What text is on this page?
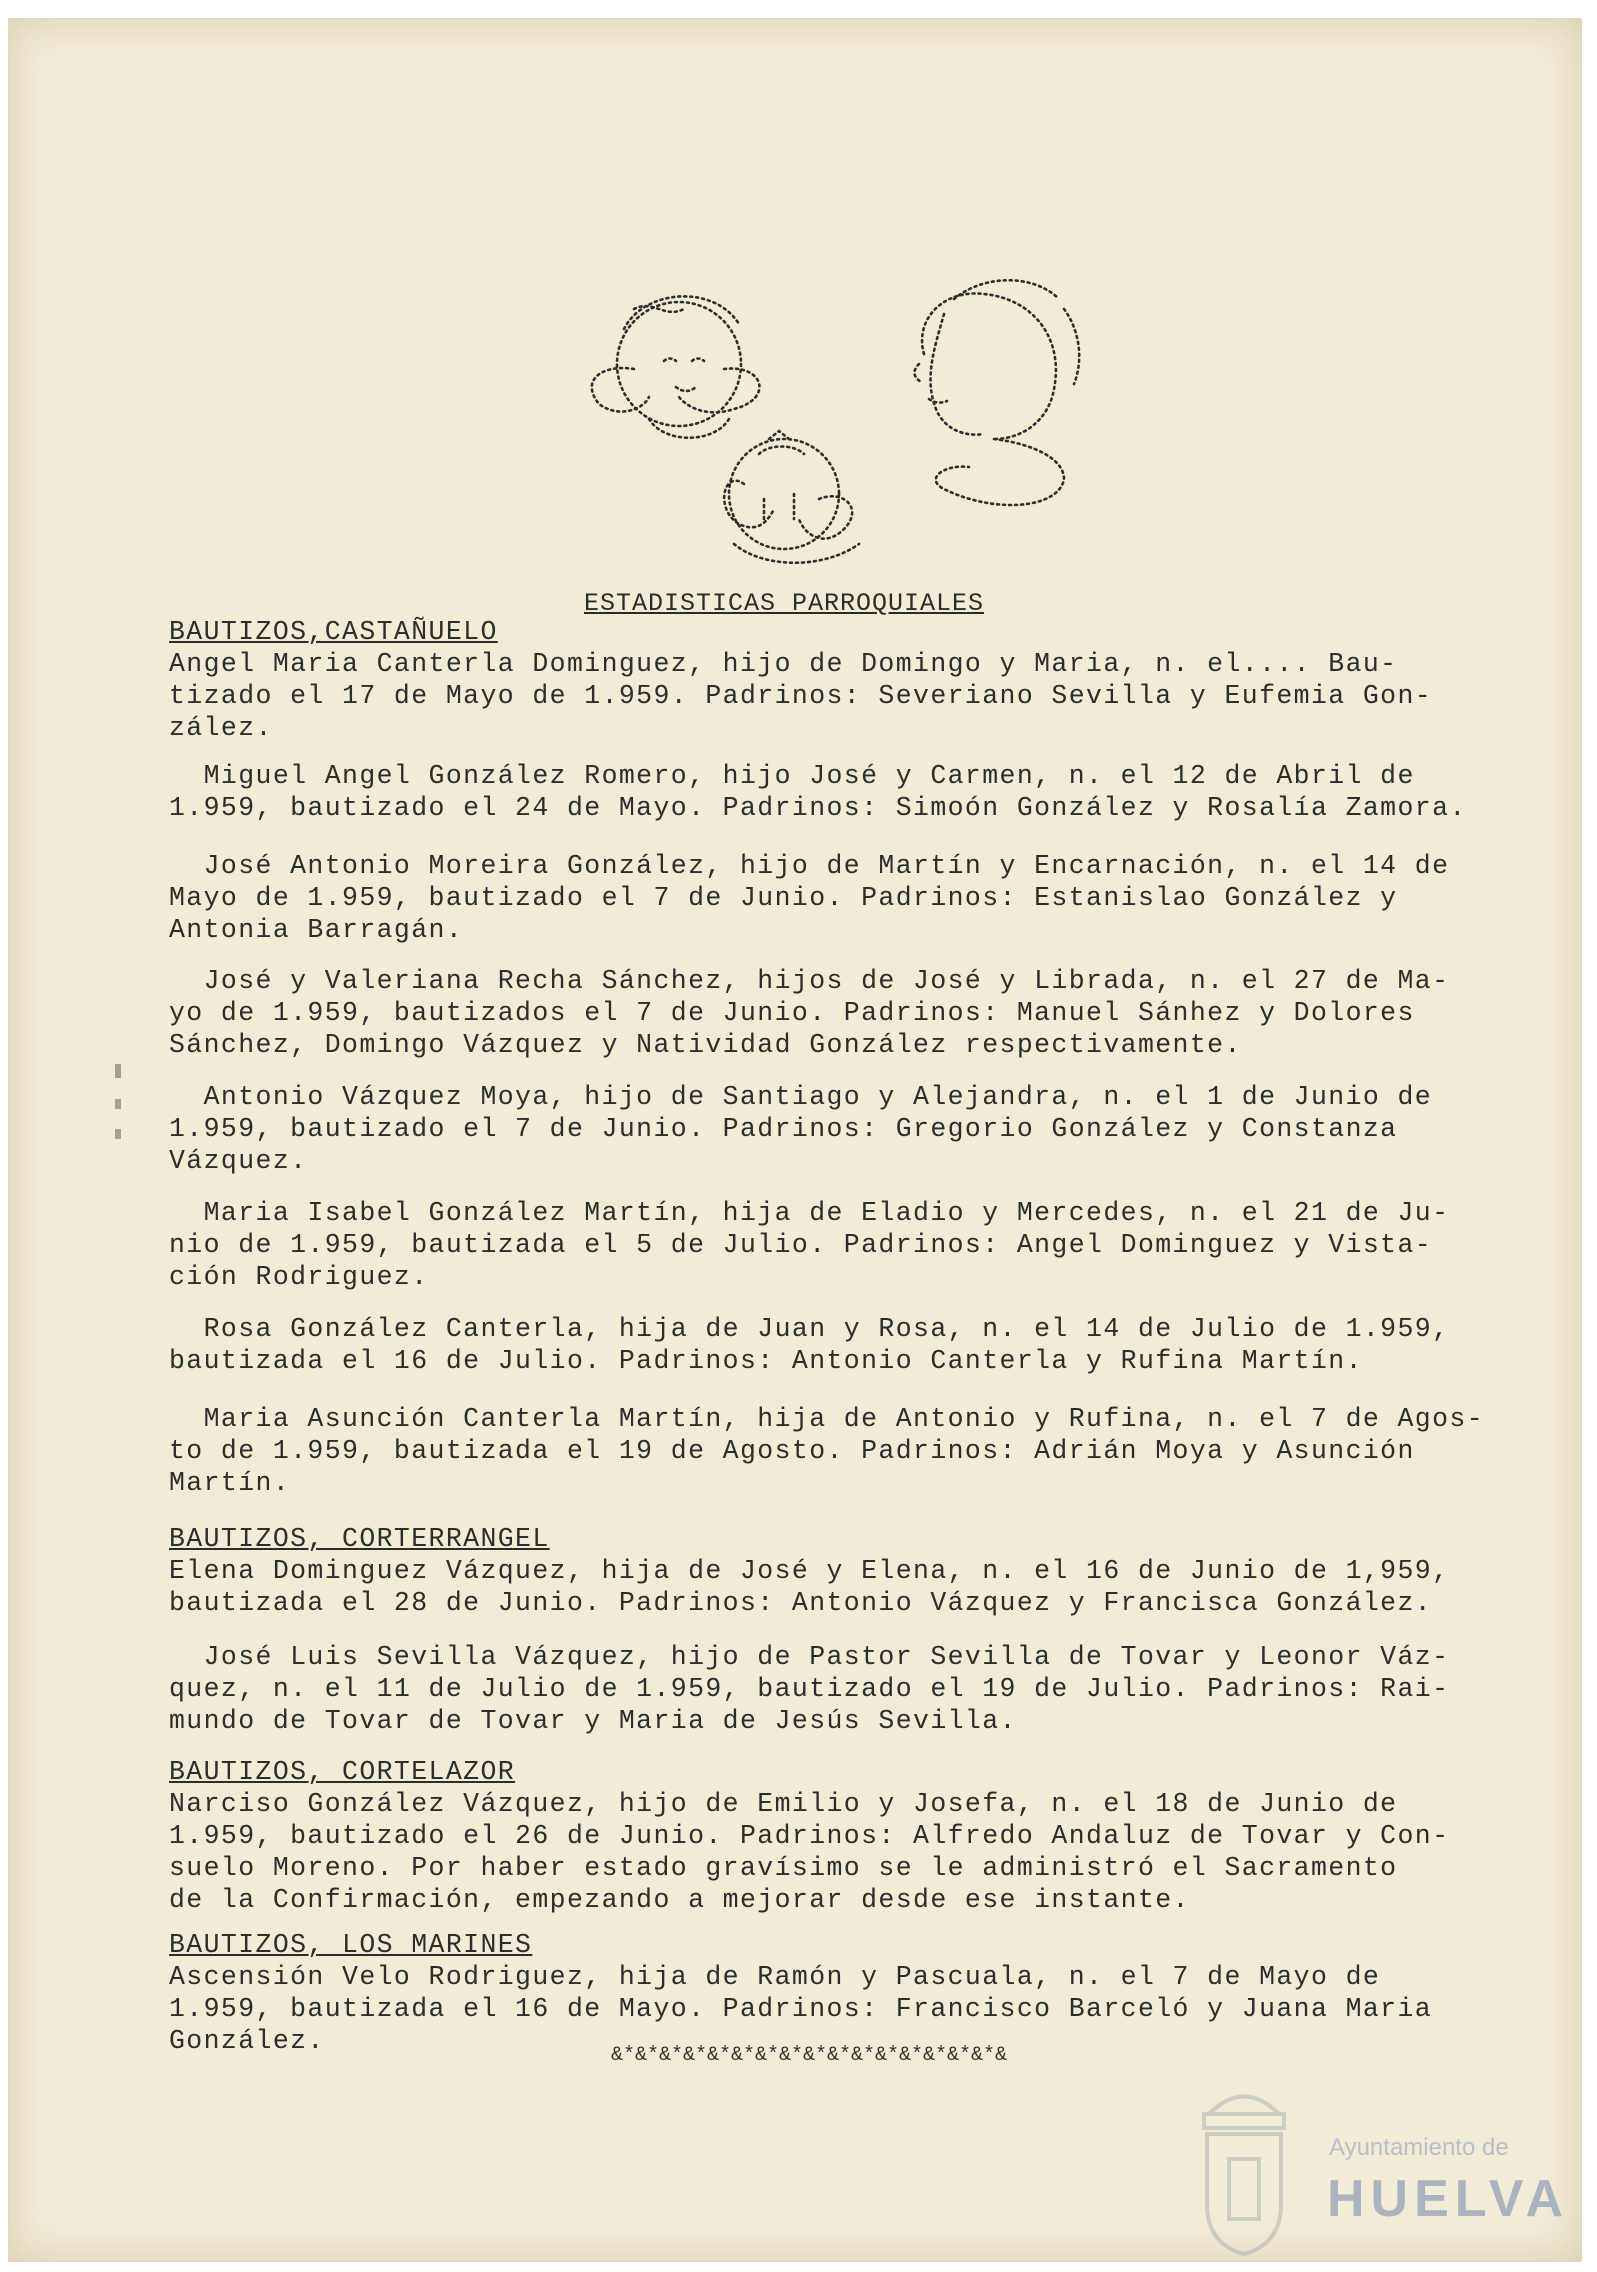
ESTADISTICAS PARROQUIALES
BAUTIZOS,CASTAÑUELO
Angel Maria Canterla Dominguez, hijo de Domingo y Maria, n. el.... Bau-
tizado el 17 de Mayo de 1.959. Padrinos: Severiano Sevilla y Eufemia Gon-
zález.
Miguel Angel González Romero, hijo José y Carmen, n. el 12 de Abril de
1.959, bautizado el 24 de Mayo. Padrinos: Simoón González y Rosalía Zamora.
José Antonio Moreira González, hijo de Martín y Encarnación, n. el 14 de
Mayo de 1.959, bautizado el 7 de Junio. Padrinos: Estanislao González y
Antonia Barragán.
José y Valeriana Recha Sánchez, hijos de José y Librada, n. el 27 de Ma-
yo de 1.959, bautizados el 7 de Junio. Padrinos: Manuel Sánhez y Dolores
Sánchez, Domingo Vázquez y Natividad González respectivamente.
Antonio Vázquez Moya, hijo de Santiago y Alejandra, n. el 1 de Junio de
1.959, bautizado el 7 de Junio. Padrinos: Gregorio González y Constanza
Vázquez.
Maria Isabel González Martín, hija de Eladio y Mercedes, n. el 21 de Ju-
nio de 1.959, bautizada el 5 de Julio. Padrinos: Angel Dominguez y Vista-
ción Rodriguez.
Rosa González Canterla, hija de Juan y Rosa, n. el 14 de Julio de 1.959,
bautizada el 16 de Julio. Padrinos: Antonio Canterla y Rufina Martín.
Maria Asunción Canterla Martín, hija de Antonio y Rufina, n. el 7 de Agos-
to de 1.959, bautizada el 19 de Agosto. Padrinos: Adrián Moya y Asunción
Martín.
BAUTIZOS, CORTERRANGEL
Elena Dominguez Vázquez, hija de José y Elena, n. el 16 de Junio de 1,959,
bautizada el 28 de Junio. Padrinos: Antonio Vázquez y Francisca González.
José Luis Sevilla Vázquez, hijo de Pastor Sevilla de Tovar y Leonor Váz-
quez, n. el 11 de Julio de 1.959, bautizado el 19 de Julio. Padrinos: Rai-
mundo de Tovar de Tovar y Maria de Jesús Sevilla.
BAUTIZOS, CORTELAZOR
Narciso González Vázquez, hijo de Emilio y Josefa, n. el 18 de Junio de
1.959, bautizado el 26 de Junio. Padrinos: Alfredo Andaluz de Tovar y Con-
suelo Moreno. Por haber estado gravísimo se le administró el Sacramento
de la Confirmación, empezando a mejorar desde ese instante.
BAUTIZOS, LOS MARINES
Ascensión Velo Rodriguez, hija de Ramón y Pascuala, n. el 7 de Mayo de
1.959, bautizada el 16 de Mayo. Padrinos: Francisco Barceló y Juana Maria
González.	&*&*&*&*&*&*&*&*&*&*&*&*&*&*&*&*&
Ayuntamiento de
HUELVA
